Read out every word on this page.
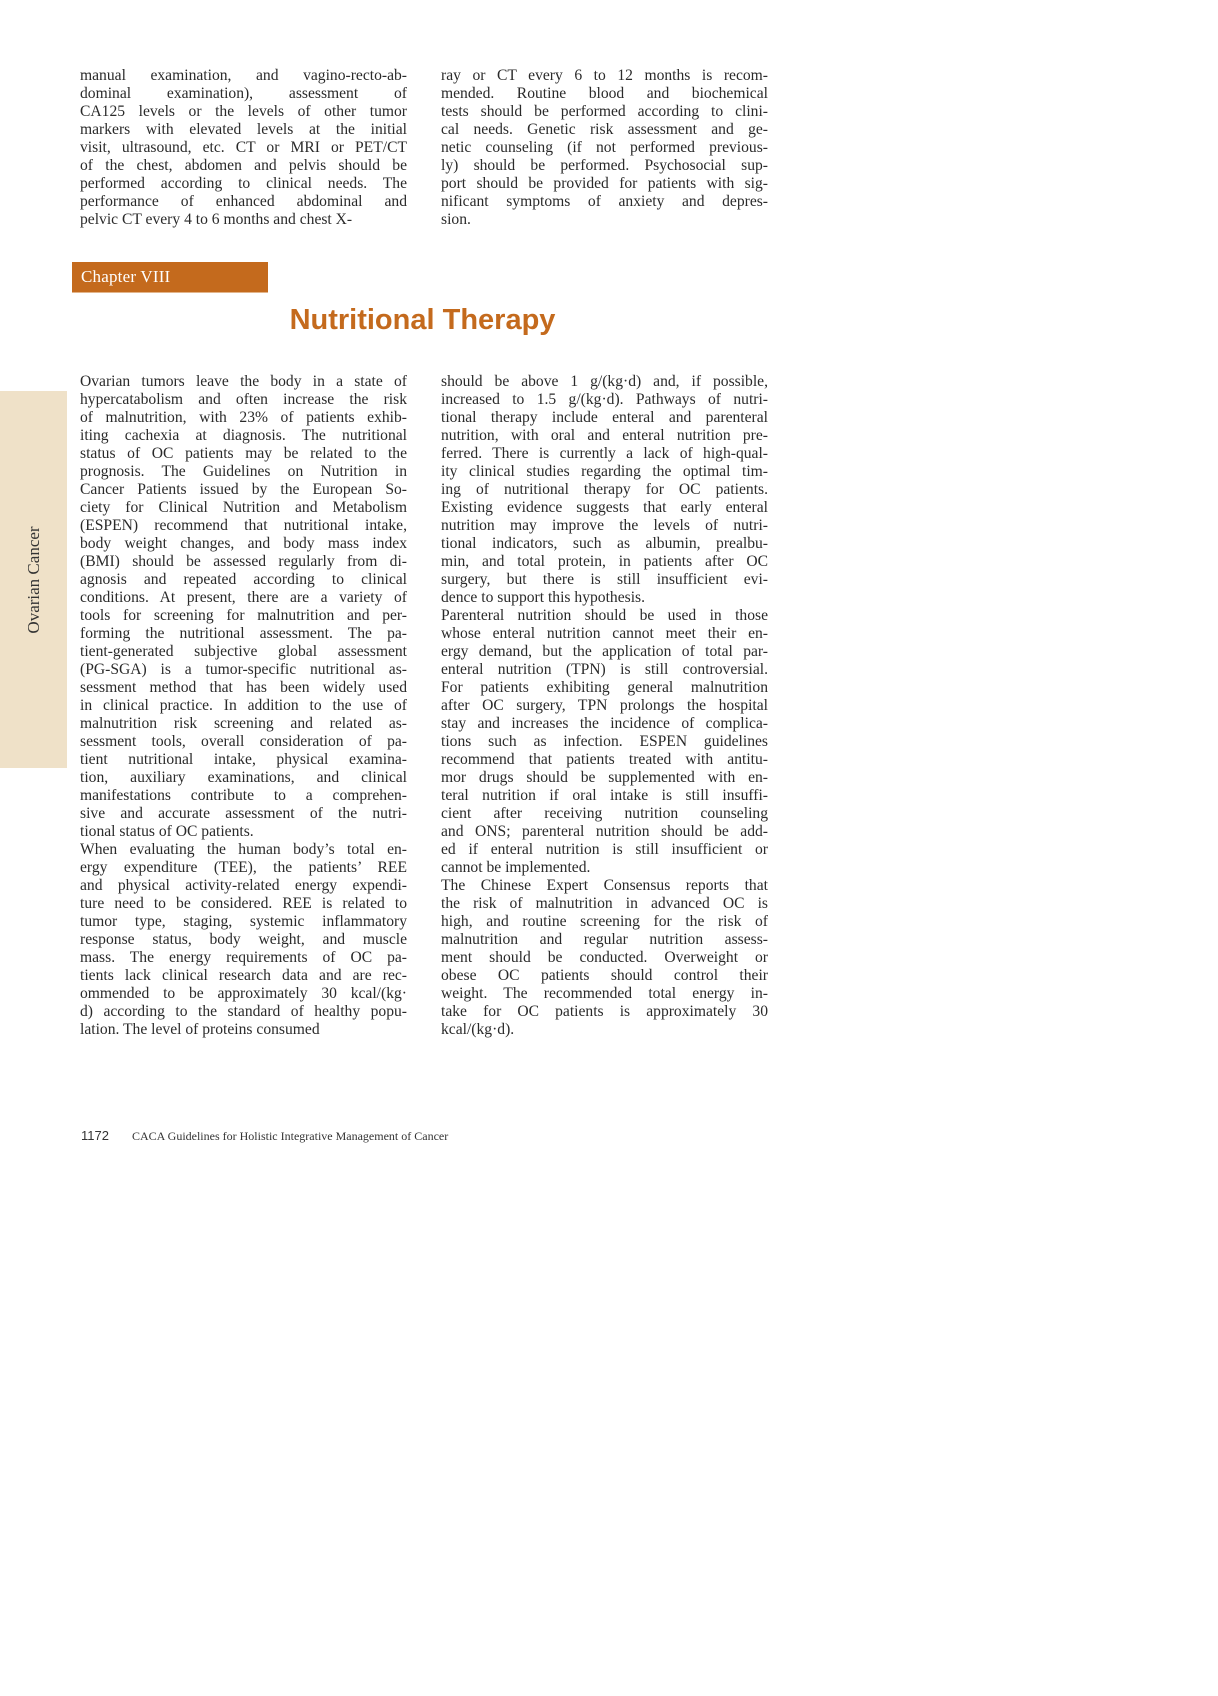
manual examination, and vagino-recto-ab-
dominal examination), assessment of
CA125 levels or the levels of other tumor
markers with elevated levels at the initial
visit, ultrasound, etc. CT or MRI or PET/CT
of the chest, abdomen and pelvis should be
performed according to clinical needs. The
performance of enhanced abdominal and
pelvic CT every 4 to 6 months and chest X-
ray or CT every 6 to 12 months is recom-
mended. Routine blood and biochemical
tests should be performed according to clini-
cal needs. Genetic risk assessment and ge-
netic counseling (if not performed previous-
ly) should be performed. Psychosocial sup-
port should be provided for patients with sig-
nificant symptoms of anxiety and depres-
sion.
Chapter VIII
Nutritional Therapy
Ovarian Cancer
Ovarian tumors leave the body in a state of
hypercatabolism and often increase the risk
of malnutrition, with 23% of patients exhib-
iting cachexia at diagnosis. The nutritional
status of OC patients may be related to the
prognosis. The Guidelines on Nutrition in
Cancer Patients issued by the European So-
ciety for Clinical Nutrition and Metabolism
(ESPEN) recommend that nutritional intake,
body weight changes, and body mass index
(BMI) should be assessed regularly from di-
agnosis and repeated according to clinical
conditions. At present, there are a variety of
tools for screening for malnutrition and per-
forming the nutritional assessment. The pa-
tient-generated subjective global assessment
(PG-SGA) is a tumor-specific nutritional as-
sessment method that has been widely used
in clinical practice. In addition to the use of
malnutrition risk screening and related as-
sessment tools, overall consideration of pa-
tient nutritional intake, physical examina-
tion, auxiliary examinations, and clinical
manifestations contribute to a comprehen-
sive and accurate assessment of the nutri-
tional status of OC patients.
When evaluating the human body’s total en-
ergy expenditure (TEE), the patients’ REE
and physical activity-related energy expendi-
ture need to be considered. REE is related to
tumor type, staging, systemic inflammatory
response status, body weight, and muscle
mass. The energy requirements of OC pa-
tients lack clinical research data and are rec-
ommended to be approximately 30 kcal/(kg·
d) according to the standard of healthy popu-
lation. The level of proteins consumed
should be above 1 g/(kg·d) and, if possible,
increased to 1.5 g/(kg·d). Pathways of nutri-
tional therapy include enteral and parenteral
nutrition, with oral and enteral nutrition pre-
ferred. There is currently a lack of high-qual-
ity clinical studies regarding the optimal tim-
ing of nutritional therapy for OC patients.
Existing evidence suggests that early enteral
nutrition may improve the levels of nutri-
tional indicators, such as albumin, prealbu-
min, and total protein, in patients after OC
surgery, but there is still insufficient evi-
dence to support this hypothesis.
Parenteral nutrition should be used in those
whose enteral nutrition cannot meet their en-
ergy demand, but the application of total par-
enteral nutrition (TPN) is still controversial.
For patients exhibiting general malnutrition
after OC surgery, TPN prolongs the hospital
stay and increases the incidence of complica-
tions such as infection. ESPEN guidelines
recommend that patients treated with antitu-
mor drugs should be supplemented with en-
teral nutrition if oral intake is still insuffi-
cient after receiving nutrition counseling
and ONS; parenteral nutrition should be add-
ed if enteral nutrition is still insufficient or
cannot be implemented.
The Chinese Expert Consensus reports that
the risk of malnutrition in advanced OC is
high, and routine screening for the risk of
malnutrition and regular nutrition assess-
ment should be conducted. Overweight or
obese OC patients should control their
weight. The recommended total energy in-
take for OC patients is approximately 30
kcal/(kg·d).
1172 CACA Guidelines for Holistic Integrative Management of Cancer
